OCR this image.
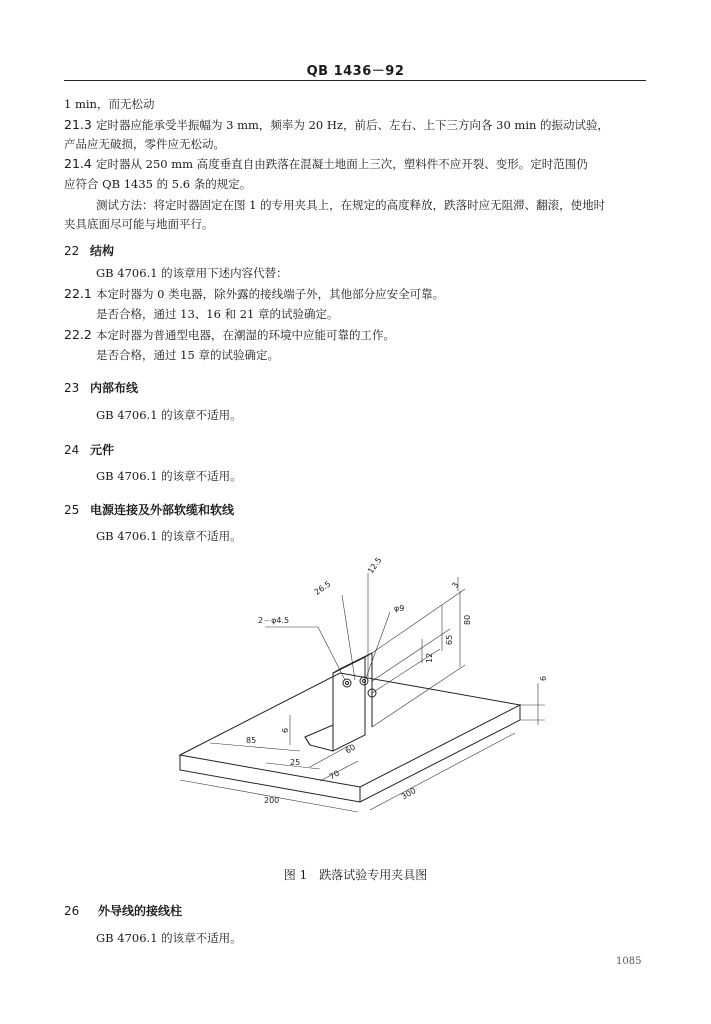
QB 1436－92
1 min，而无松动
21.3 定时器应能承受半振幅为 3 mm，频率为 20 Hz，前后、左右、上下三方向各 30 min 的振动试验，
产品应无破损，零件应无松动。
21.4 定时器从 250 mm 高度垂直自由跌落在混凝土地面上三次，塑料件不应开裂、变形。定时范围仍
应符合 QB 1435 的 5.6 条的规定。
测试方法：将定时器固定在图 1 的专用夹具上，在规定的高度释放，跌落时应无阻滞、翻滚，使地时
夹具底面尽可能与地面平行。
22 结构
GB 4706.1 的该章用下述内容代替：
22.1 本定时器为 0 类电器，除外露的接线端子外，其他部分应安全可靠。
是否合格，通过 13、16 和 21 章的试验确定。
22.2 本定时器为普通型电器，在潮湿的环境中应能可靠的工作。
是否合格，通过 15 章的试验确定。
23 内部布线
GB 4706.1 的该章不适用。
24 元件
GB 4706.1 的该章不适用。
25 电源连接及外部软缆和软线
GB 4706.1 的该章不适用。
12.5
26.5
2－φ4.5
φ9
3
80
65
12
6
6
85
60
25
70
300
200
图 1　跌落试验专用夹具图
26 外导线的接线柱
GB 4706.1 的该章不适用。
1085
